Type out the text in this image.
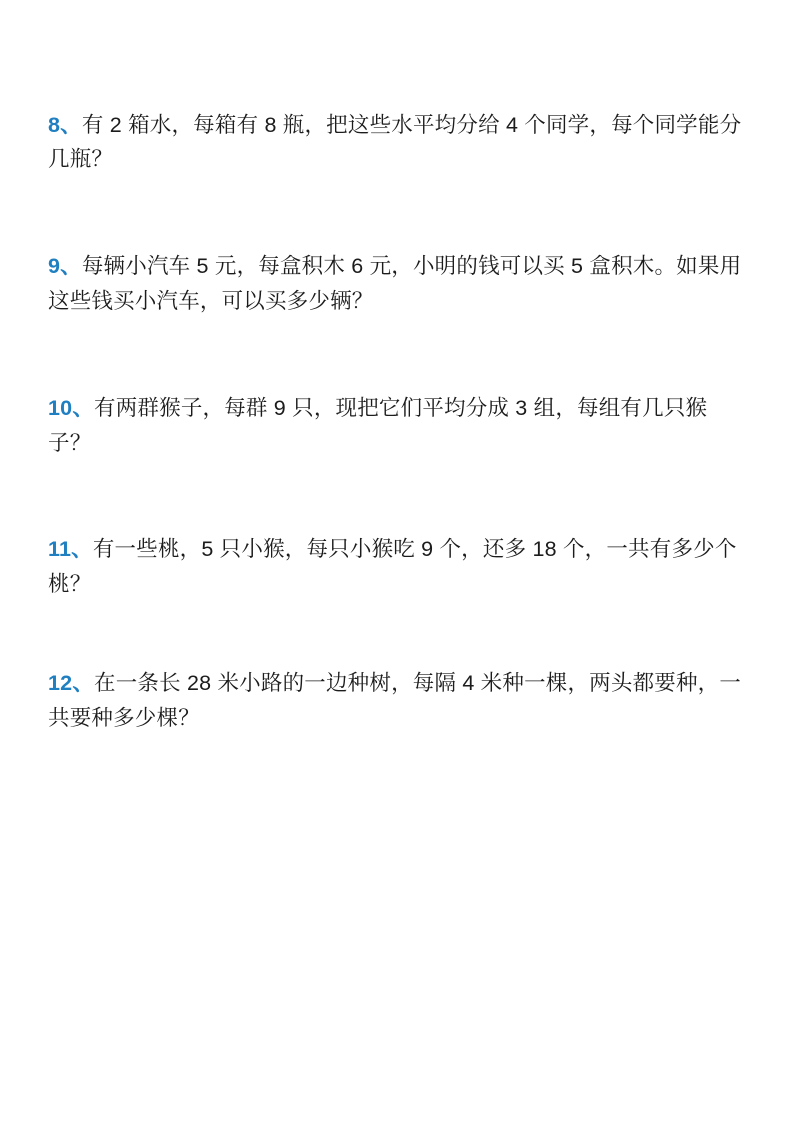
8、有 2 箱水，每箱有 8 瓶，把这些水平均分给 4 个同学，每个同学能分几瓶？

9、每辆小汽车 5 元，每盒积木 6 元，小明的钱可以买 5 盒积木。如果用这些钱买小汽车，可以买多少辆？

10、有两群猴子，每群 9 只，现把它们平均分成 3 组，每组有几只猴子？

11、有一些桃，5 只小猴，每只小猴吃 9 个，还多 18 个，一共有多少个桃？

12、在一条长 28 米小路的一边种树，每隔 4 米种一棵，两头都要种，一共要种多少棵？
